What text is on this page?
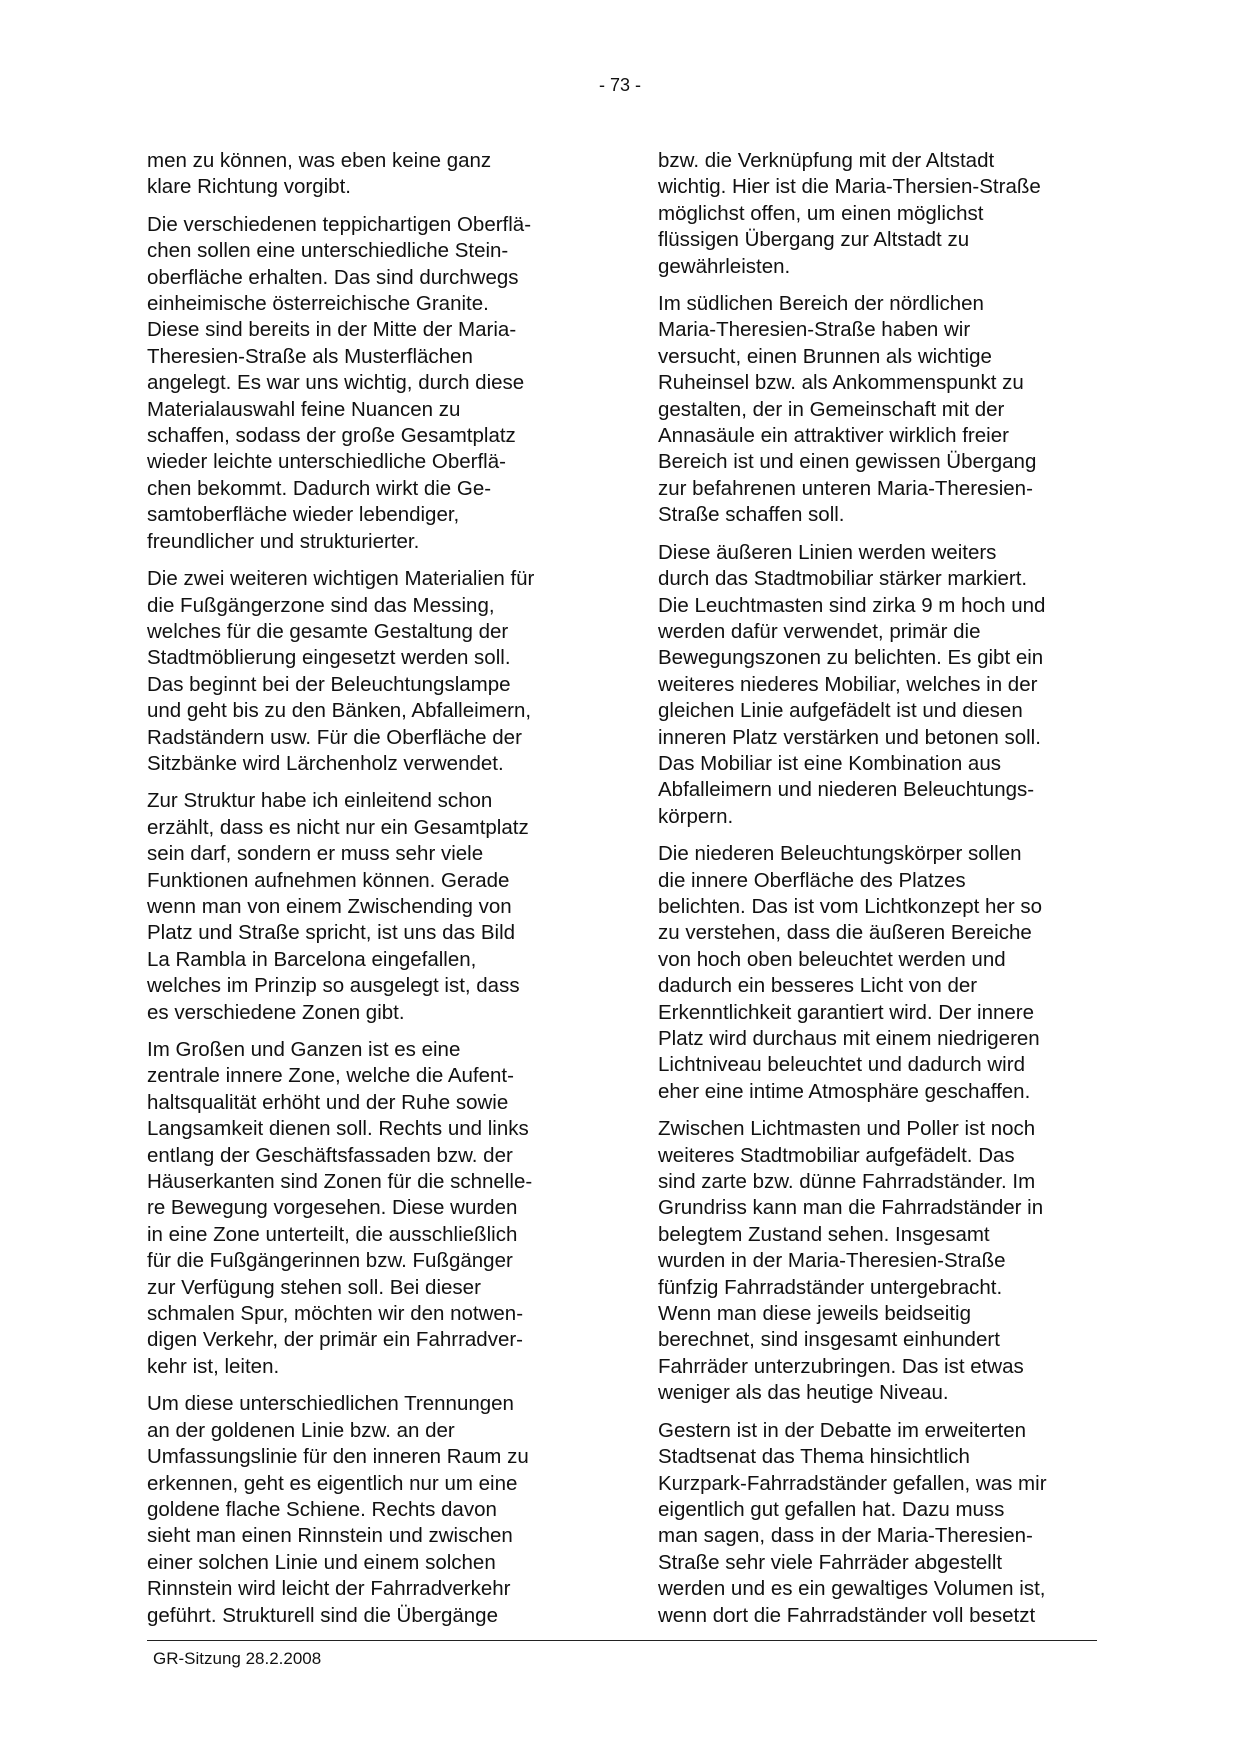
- 73 -

men zu können, was eben keine ganz
klare Richtung vorgibt.

Die verschiedenen teppichartigen Oberflä-
chen sollen eine unterschiedliche Stein-
oberfläche erhalten. Das sind durchwegs
einheimische österreichische Granite.
Diese sind bereits in der Mitte der Maria-
Theresien-Straße als Musterflächen
angelegt. Es war uns wichtig, durch diese
Materialauswahl feine Nuancen zu
schaffen, sodass der große Gesamtplatz
wieder leichte unterschiedliche Oberflä-
chen bekommt. Dadurch wirkt die Ge-
samtoberfläche wieder lebendiger,
freundlicher und strukturierter.

Die zwei weiteren wichtigen Materialien für
die Fußgängerzone sind das Messing,
welches für die gesamte Gestaltung der
Stadtmöblierung eingesetzt werden soll.
Das beginnt bei der Beleuchtungslampe
und geht bis zu den Bänken, Abfalleimern,
Radständern usw. Für die Oberfläche der
Sitzbänke wird Lärchenholz verwendet.

Zur Struktur habe ich einleitend schon
erzählt, dass es nicht nur ein Gesamtplatz
sein darf, sondern er muss sehr viele
Funktionen aufnehmen können. Gerade
wenn man von einem Zwischending von
Platz und Straße spricht, ist uns das Bild
La Rambla in Barcelona eingefallen,
welches im Prinzip so ausgelegt ist, dass
es verschiedene Zonen gibt.

Im Großen und Ganzen ist es eine
zentrale innere Zone, welche die Aufent-
haltsqualität erhöht und der Ruhe sowie
Langsamkeit dienen soll. Rechts und links
entlang der Geschäftsfassaden bzw. der
Häuserkanten sind Zonen für die schnelle-
re Bewegung vorgesehen. Diese wurden
in eine Zone unterteilt, die ausschließlich
für die Fußgängerinnen bzw. Fußgänger
zur Verfügung stehen soll. Bei dieser
schmalen Spur, möchten wir den notwen-
digen Verkehr, der primär ein Fahrradver-
kehr ist, leiten.

Um diese unterschiedlichen Trennungen
an der goldenen Linie bzw. an der
Umfassungslinie für den inneren Raum zu
erkennen, geht es eigentlich nur um eine
goldene flache Schiene. Rechts davon
sieht man einen Rinnstein und zwischen
einer solchen Linie und einem solchen
Rinnstein wird leicht der Fahrradverkehr
geführt. Strukturell sind die Übergänge

bzw. die Verknüpfung mit der Altstadt
wichtig. Hier ist die Maria-Thersien-Straße
möglichst offen, um einen möglichst
flüssigen Übergang zur Altstadt zu
gewährleisten.

Im südlichen Bereich der nördlichen
Maria-Theresien-Straße haben wir
versucht, einen Brunnen als wichtige
Ruheinsel bzw. als Ankommenspunkt zu
gestalten, der in Gemeinschaft mit der
Annasäule ein attraktiver wirklich freier
Bereich ist und einen gewissen Übergang
zur befahrenen unteren Maria-Theresien-
Straße schaffen soll.

Diese äußeren Linien werden weiters
durch das Stadtmobiliar stärker markiert.
Die Leuchtmasten sind zirka 9 m hoch und
werden dafür verwendet, primär die
Bewegungszonen zu belichten. Es gibt ein
weiteres niederes Mobiliar, welches in der
gleichen Linie aufgefädelt ist und diesen
inneren Platz verstärken und betonen soll.
Das Mobiliar ist eine Kombination aus
Abfalleimern und niederen Beleuchtungs-
körpern.

Die niederen Beleuchtungskörper sollen
die innere Oberfläche des Platzes
belichten. Das ist vom Lichtkonzept her so
zu verstehen, dass die äußeren Bereiche
von hoch oben beleuchtet werden und
dadurch ein besseres Licht von der
Erkenntlichkeit garantiert wird. Der innere
Platz wird durchaus mit einem niedrigeren
Lichtniveau beleuchtet und dadurch wird
eher eine intime Atmosphäre geschaffen.

Zwischen Lichtmasten und Poller ist noch
weiteres Stadtmobiliar aufgefädelt. Das
sind zarte bzw. dünne Fahrradständer. Im
Grundriss kann man die Fahrradständer in
belegtem Zustand sehen. Insgesamt
wurden in der Maria-Theresien-Straße
fünfzig Fahrradständer untergebracht.
Wenn man diese jeweils beidseitig
berechnet, sind insgesamt einhundert
Fahrräder unterzubringen. Das ist etwas
weniger als das heutige Niveau.

Gestern ist in der Debatte im erweiterten
Stadtsenat das Thema hinsichtlich
Kurzpark-Fahrradständer gefallen, was mir
eigentlich gut gefallen hat. Dazu muss
man sagen, dass in der Maria-Theresien-
Straße sehr viele Fahrräder abgestellt
werden und es ein gewaltiges Volumen ist,
wenn dort die Fahrradständer voll besetzt

GR-Sitzung 28.2.2008
